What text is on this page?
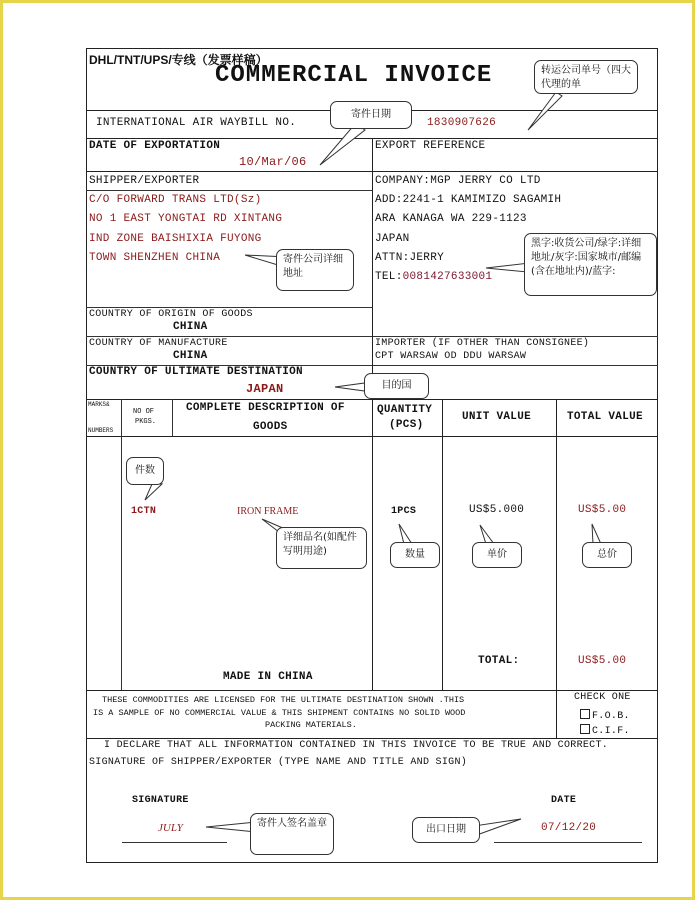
DHL/TNT/UPS/专线（发票样稿）
COMMERCIAL INVOICE
INTERNATIONAL AIR WAYBILL NO.	1830907626
DATE OF EXPORTATION
10/Mar/06
EXPORT REFERENCE
SHIPPER/EXPORTER
C/O FORWARD TRANS LTD(Sz)
NO 1 EAST YONGTAI RD XINTANG
IND ZONE BAISHIXIA FUYONG
TOWN SHENZHEN CHINA
COMPANY:MGP JERRY CO LTD
ADD:2241-1 KAMIMIZO SAGAMIH
ARA KANAGA WA 229-1123
JAPAN
ATTN:JERRY
TEL:0081427633001
COUNTRY OF ORIGIN OF GOODS
CHINA
COUNTRY OF MANUFACTURE
CHINA
IMPORTER (IF OTHER THAN CONSIGNEE)
CPT WARSAW OD DDU WARSAW
COUNTRY OF ULTIMATE DESTINATION
JAPAN
MARKS&
NUMBERS
NO OF
PKGS.
COMPLETE DESCRIPTION OF
GOODS
QUANTITY
(PCS)
UNIT VALUE	TOTAL VALUE
1CTN	IRON FRAME	1PCS	US$5.000	US$5.00
MADE IN CHINA
TOTAL:	US$5.00
THESE COMMODITIES ARE LICENSED FOR THE ULTIMATE DESTINATION SHOWN .THIS
IS A SAMPLE OF NO COMMERCIAL VALUE & THIS SHIPMENT CONTAINS NO SOLID WOOD
PACKING MATERIALS.
CHECK ONE
F.O.B.
C.I.F.
I DECLARE THAT ALL INFORMATION CONTAINED IN THIS INVOICE TO BE TRUE AND CORRECT.
SIGNATURE OF SHIPPER/EXPORTER (TYPE NAME AND TITLE AND SIGN)
SIGNATURE
JULY
DATE
07/12/20
转运公司单号（四大代理的单
寄件日期
寄件公司详细地址
黑字:收货公司/绿字:详细地址/灰字:国家城市/邮编(含在地址内)/蓝字:
目的国
件数
详细品名(如配件写明用途)	数量	单价	总价
寄件人签名盖章
出口日期
